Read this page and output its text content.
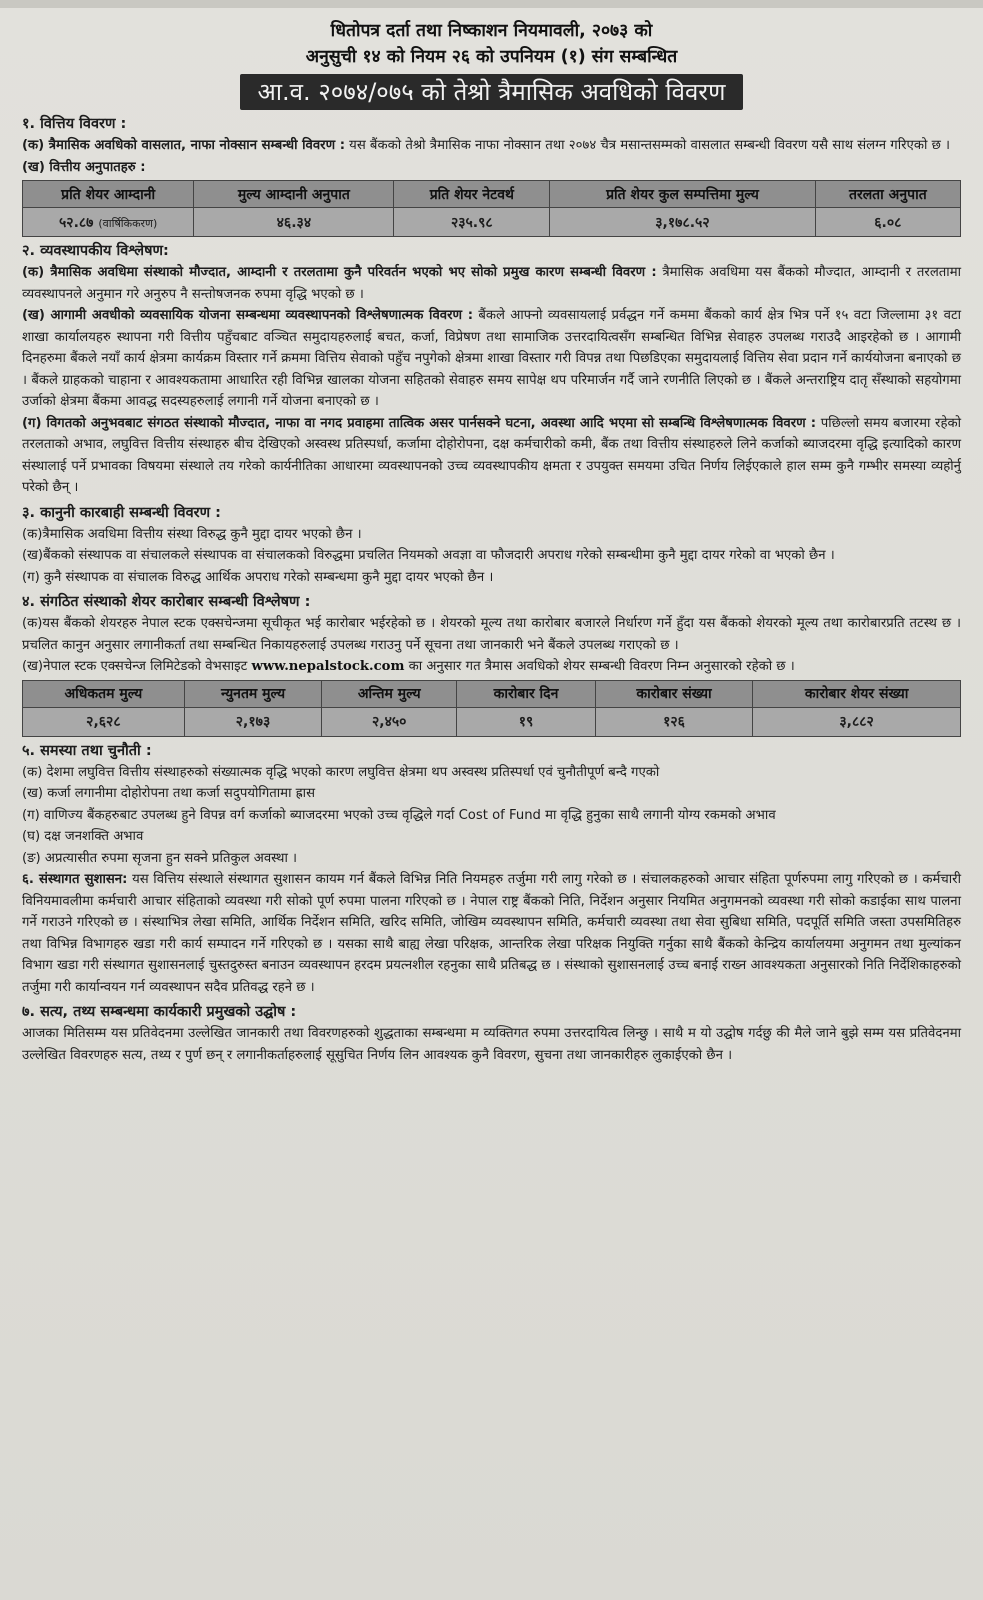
धितोपत्र दर्ता तथा निष्काशन नियमावली, २०७३ को

अनुसुची १४ को नियम २६ को उपनियम (१) संग सम्बन्धित

आ.व. २०७४/०७५ को तेश्रो त्रैमासिक अवधिको विवरण

१. वित्तिय विवरण :

(क) त्रैमासिक अवधिको वासलात, नाफा नोक्सान सम्बन्धी विवरण : यस बैंकको तेश्रो त्रैमासिक नाफा नोक्सान तथा २०७४ चैत्र मसान्तसम्मको वासलात सम्बन्धी विवरण यसै साथ संलग्न गरिएको छ ।

(ख) वित्तीय अनुपातहरु :

प्रति शेयर आम्दानी	मुल्य आम्दानी अनुपात	प्रति शेयर नेटवर्थ	प्रति शेयर कुल सम्पत्तिमा मुल्य	तरलता अनुपात
५२.८७ (वार्षिकिकरण)	४६.३४	२३५.९८	३,१७८.५२	६.०८

२. व्यवस्थापकीय विश्लेषण:

(क) त्रैमासिक अवधिमा संस्थाको मौज्दात, आम्दानी र तरलतामा कुनै परिवर्तन भएको भए सोको प्रमुख कारण सम्बन्धी विवरण : त्रैमासिक अवधिमा यस बैंकको मौज्दात, आम्दानी र तरलतामा व्यवस्थापनले अनुमान गरे अनुरुप नै सन्तोषजनक रुपमा वृद्धि भएको छ ।

(ख) आगामी अवधीको व्यवसायिक योजना सम्बन्धमा व्यवस्थापनको विश्लेषणात्मक विवरण : बैंकले आफ्नो व्यवसायलाई प्रर्वद्धन गर्ने कममा बैंकको कार्य क्षेत्र भित्र पर्ने १५ वटा जिल्लामा ३१ वटा शाखा कार्यालयहरु स्थापना गरी वित्तीय पहुँचबाट वञ्चित समुदायहरुलाई बचत, कर्जा, विप्रेषण तथा सामाजिक उत्तरदायित्वसँग सम्बन्धित विभिन्न सेवाहरु उपलब्ध गराउदै आइरहेको छ । आगामी दिनहरुमा बैंकले नयाँ कार्य क्षेत्रमा कार्यक्रम विस्तार गर्ने क्रममा वित्तिय सेवाको पहुँच नपुगेको क्षेत्रमा शाखा विस्तार गरी विपन्न तथा पिछडिएका समुदायलाई वित्तिय सेवा प्रदान गर्ने कार्ययोजना बनाएको छ । बैंकले ग्राहकको चाहाना र आवश्यकतामा आधारित रही विभिन्न खालका योजना सहितको सेवाहरु समय सापेक्ष थप परिमार्जन गर्दै जाने रणनीति लिएको छ । बैंकले अन्तराष्ट्रिय दातृ सँस्थाको सहयोगमा उर्जाको क्षेत्रमा बैंकमा आवद्ध सदस्यहरुलाई लगानी गर्ने योजना बनाएको छ ।

(ग) विगतको अनुभवबाट संगठत संस्थाको मौज्दात, नाफा वा नगद प्रवाहमा तात्विक असर पार्नसक्ने घटना, अवस्था आदि भएमा सो सम्बन्धि विश्लेषणात्मक विवरण : पछिल्लो समय बजारमा रहेको तरलताको अभाव, लघुवित्त वित्तीय संस्थाहरु बीच देखिएको अस्वस्थ प्रतिस्पर्धा, कर्जामा दोहोरोपना, दक्ष कर्मचारीको कमी, बैंक तथा वित्तीय संस्थाहरुले लिने कर्जाको ब्याजदरमा वृद्धि इत्यादिको कारण संस्थालाई पर्ने प्रभावका विषयमा संस्थाले तय गरेको कार्यनीतिका आधारमा व्यवस्थापनको उच्च व्यवस्थापकीय क्षमता र उपयुक्त समयमा उचित निर्णय लिईएकाले हाल सम्म कुनै गम्भीर समस्या व्यहोर्नु परेको छैन् ।

३. कानुनी कारबाही सम्बन्धी विवरण :

(क)त्रैमासिक अवधिमा वित्तीय संस्था विरुद्ध कुनै मुद्दा दायर भएको छैन ।

(ख)बैंकको संस्थापक वा संचालकले संस्थापक वा संचालकको विरुद्धमा प्रचलित नियमको अवज्ञा वा फौजदारी अपराध गरेको सम्बन्धीमा कुनै मुद्दा दायर गरेको वा भएको छैन ।

(ग) कुनै संस्थापक वा संचालक विरुद्ध आर्थिक अपराध गरेको सम्बन्धमा कुनै मुद्दा दायर भएको छैन ।

४. संगठित संस्थाको शेयर कारोबार सम्बन्धी विश्लेषण :

(क)यस बैंकको शेयरहरु नेपाल स्टक एक्सचेन्जमा सूचीकृत भई कारोबार भईरहेको छ । शेयरको मूल्य तथा कारोबार बजारले निर्धारण गर्ने हुँदा यस बैंकको शेयरको मूल्य तथा कारोबारप्रति तटस्थ छ । प्रचलित कानुन अनुसार लगानीकर्ता तथा सम्बन्धित निकायहरुलाई उपलब्ध गराउनु पर्ने सूचना तथा जानकारी भने बैंकले उपलब्ध गराएको छ ।

(ख)नेपाल स्टक एक्सचेन्ज लिमिटेडको वेभसाइट www.nepalstock.com का अनुसार गत त्रैमास अवधिको शेयर सम्बन्धी विवरण निम्न अनुसारको रहेको छ ।

अधिकतम मुल्य	न्युनतम मुल्य	अन्तिम मुल्य	कारोबार दिन	कारोबार संख्या	कारोबार शेयर संख्या
२,६२८	२,१७३	२,४५०	१९	१२६	३,८८२

५. समस्या तथा चुनौती :

(क) देशमा लघुवित्त वित्तीय संस्थाहरुको संख्यात्मक वृद्धि भएको कारण लघुवित्त क्षेत्रमा थप अस्वस्थ प्रतिस्पर्धा एवं चुनौतीपूर्ण बन्दै गएको

(ख) कर्जा लगानीमा दोहोरोपना तथा कर्जा सदुपयोगितामा ह्रास

(ग) वाणिज्य बैंकहरुबाट उपलब्ध हुने विपन्न वर्ग कर्जाको ब्याजदरमा भएको उच्च वृद्धिले गर्दा Cost of Fund मा वृद्धि हुनुका साथै लगानी योग्य रकमको अभाव

(घ) दक्ष जनशक्ति अभाव

(ङ) अप्रत्यासीत रुपमा सृजना हुन सक्ने प्रतिकुल अवस्था ।

६. संस्थागत सुशासन: यस वित्तिय संस्थाले संस्थागत सुशासन कायम गर्न बैंकले विभिन्न निति नियमहरु तर्जुमा गरी लागु गरेको छ । संचालकहरुको आचार संहिता पूर्णरुपमा लागु गरिएको छ । कर्मचारी विनियमावलीमा कर्मचारी आचार संहिताको व्यवस्था गरी सोको पूर्ण रुपमा पालना गरिएको छ । नेपाल राष्ट्र बैंकको निति, निर्देशन अनुसार नियमित अनुगमनको व्यवस्था गरी सोको कडाईका साथ पालना गर्ने गराउने गरिएको छ । संस्थाभित्र लेखा समिति, आर्थिक निर्देशन समिति, खरिद समिति, जोखिम व्यवस्थापन समिति, कर्मचारी व्यवस्था तथा सेवा सुबिधा समिति, पदपूर्ति समिति जस्ता उपसमितिहरु तथा विभिन्न विभागहरु खडा गरी कार्य सम्पादन गर्ने गरिएको छ । यसका साथै बाह्य लेखा परिक्षक, आन्तरिक लेखा परिक्षक नियुक्ति गर्नुका साथै बैंकको केन्द्रिय कार्यालयमा अनुगमन तथा मुल्यांकन विभाग खडा गरी संस्थागत सुशासनलाई चुस्तदुरुस्त बनाउन व्यवस्थापन हरदम प्रयत्नशील रहनुका साथै प्रतिबद्ध छ । संस्थाको सुशासनलाई उच्च बनाई राख्न आवश्यकता अनुसारको निति निर्देशिकाहरुको तर्जुमा गरी कार्यान्वयन गर्न व्यवस्थापन सदैव प्रतिवद्ध रहने छ ।

७. सत्य, तथ्य सम्बन्धमा कार्यकारी प्रमुखको उद्घोष :

आजका मितिसम्म यस प्रतिवेदनमा उल्लेखित जानकारी तथा विवरणहरुको शुद्धताका सम्बन्धमा म व्यक्तिगत रुपमा उत्तरदायित्व लिन्छु । साथै म यो उद्घोष गर्दछु की मैले जाने बुझे सम्म यस प्रतिवेदनमा उल्लेखित विवरणहरु सत्य, तथ्य र पुर्ण छन् र लगानीकर्ताहरुलाई सूसुचित निर्णय लिन आवश्यक कुनै विवरण, सुचना तथा जानकारीहरु लुकाईएको छैन ।
